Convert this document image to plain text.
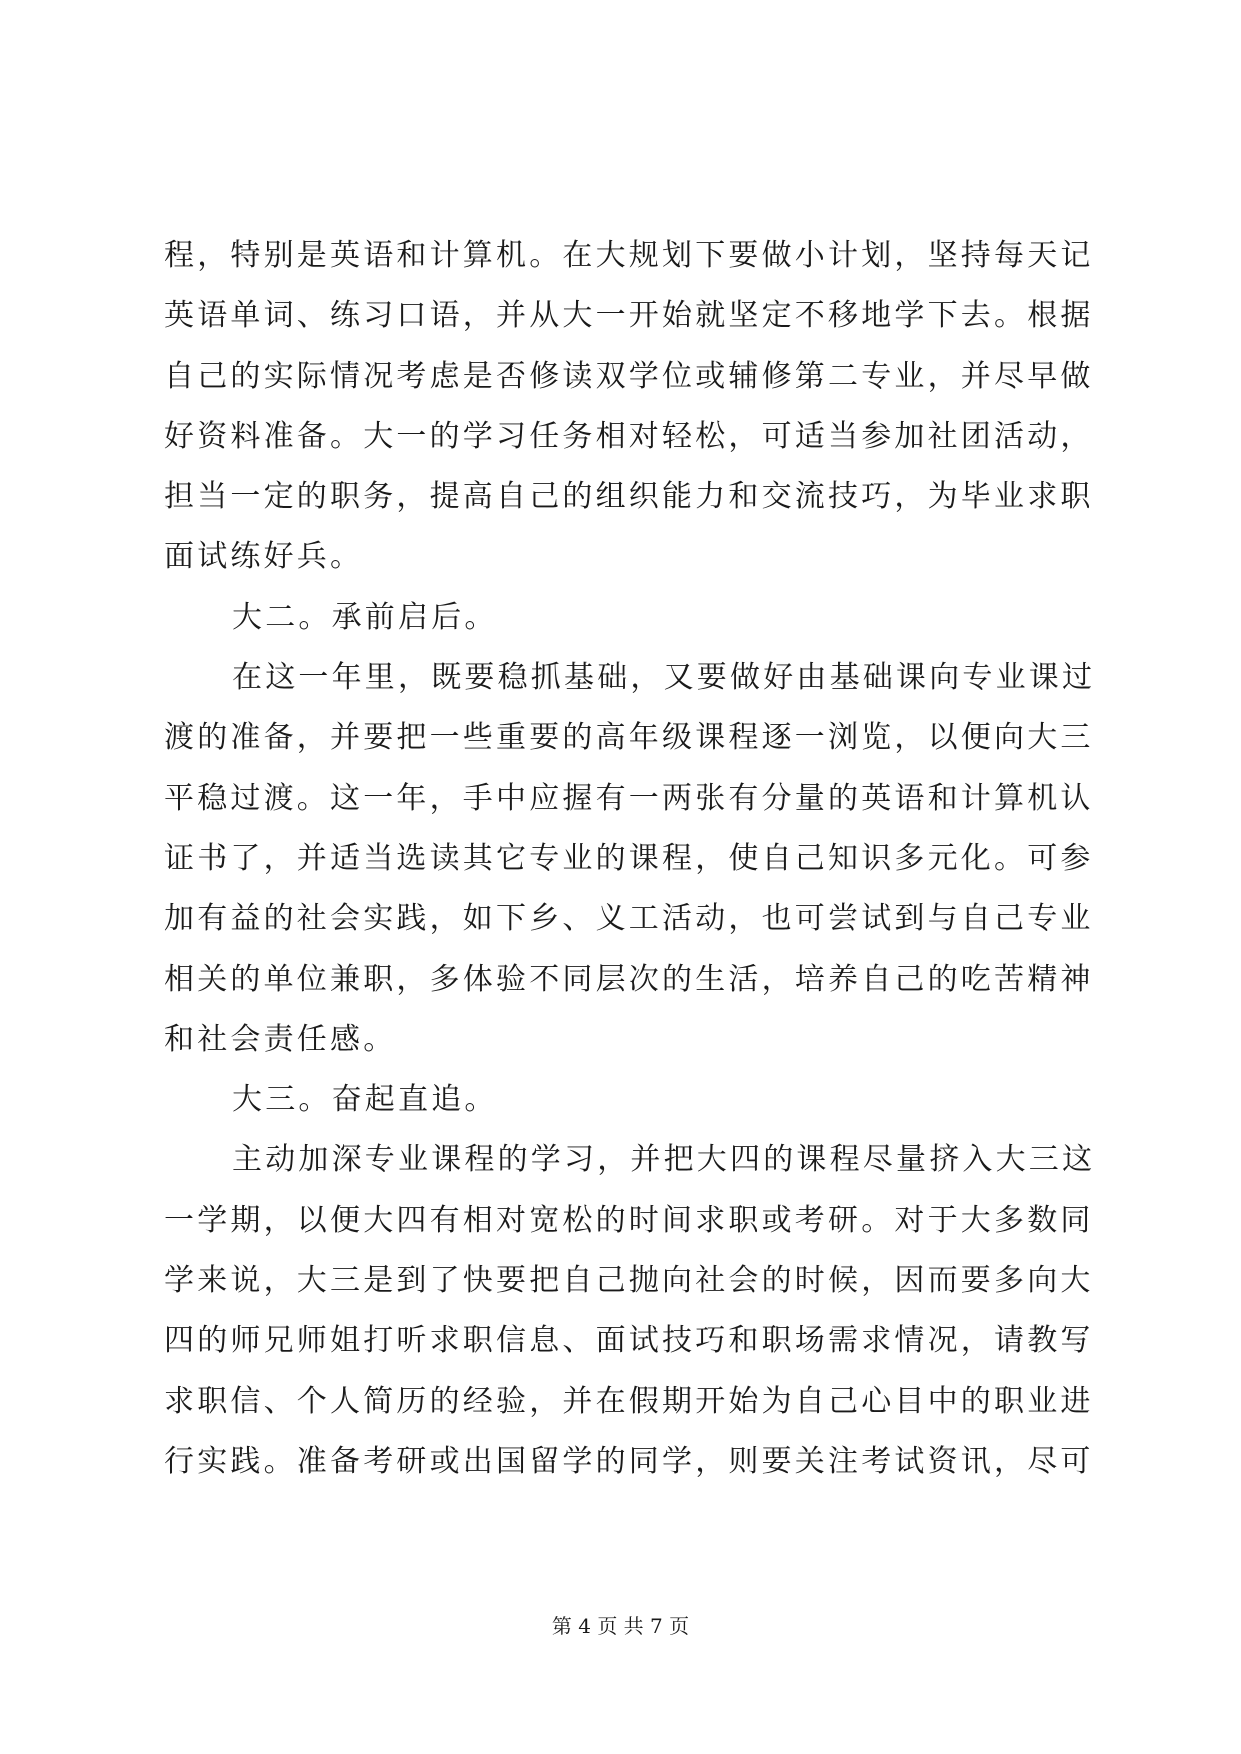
程，特别是英语和计算机。在大规划下要做小计划，坚持每天记
英语单词、练习口语，并从大一开始就坚定不移地学下去。根据
自己的实际情况考虑是否修读双学位或辅修第二专业，并尽早做
好资料准备。大一的学习任务相对轻松，可适当参加社团活动，
担当一定的职务，提高自己的组织能力和交流技巧，为毕业求职
面试练好兵。
大二。承前启后。
在这一年里，既要稳抓基础，又要做好由基础课向专业课过
渡的准备，并要把一些重要的高年级课程逐一浏览，以便向大三
平稳过渡。这一年，手中应握有一两张有分量的英语和计算机认
证书了，并适当选读其它专业的课程，使自己知识多元化。可参
加有益的社会实践，如下乡、义工活动，也可尝试到与自己专业
相关的单位兼职，多体验不同层次的生活，培养自己的吃苦精神
和社会责任感。
大三。奋起直追。
主动加深专业课程的学习，并把大四的课程尽量挤入大三这
一学期，以便大四有相对宽松的时间求职或考研。对于大多数同
学来说，大三是到了快要把自己抛向社会的时候，因而要多向大
四的师兄师姐打听求职信息、面试技巧和职场需求情况，请教写
求职信、个人简历的经验，并在假期开始为自己心目中的职业进
行实践。准备考研或出国留学的同学，则要关注考试资讯，尽可
第 4 页 共 7 页
